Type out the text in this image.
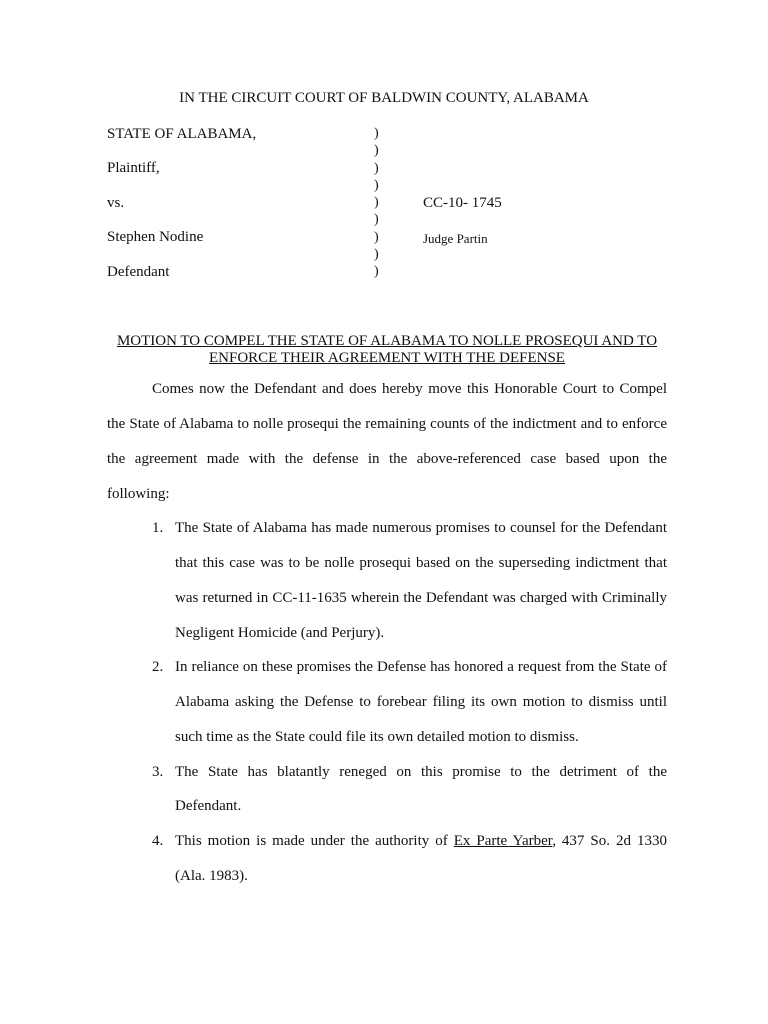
IN THE CIRCUIT COURT OF BALDWIN COUNTY, ALABAMA
STATE OF ALABAMA,
Plaintiff,
vs.
Stephen Nodine
Defendant
)
)
)
)
)
)
)
)
)
CC-10- 1745
Judge Partin
MOTION TO COMPEL THE STATE OF ALABAMA TO NOLLE PROSEQUI AND TO ENFORCE THEIR AGREEMENT WITH THE DEFENSE
Comes now the Defendant and does hereby move this Honorable Court to Compel
the State of Alabama to nolle prosequi the remaining counts of the indictment and to enforce
the agreement made with the defense in the above-referenced case based upon the
following:
1. The State of Alabama has made numerous promises to counsel for the Defendant
that this case was to be nolle prosequi based on the superseding indictment that
was returned in CC-11-1635 wherein the Defendant was charged with Criminally
Negligent Homicide (and Perjury).
2. In reliance on these promises the Defense has honored a request from the State of
Alabama asking the Defense to forebear filing its own motion to dismiss until
such time as the State could file its own detailed motion to dismiss.
3. The State has blatantly reneged on this promise to the detriment of the
Defendant.
4. This motion is made under the authority of Ex Parte Yarber, 437 So. 2d 1330
(Ala. 1983).
